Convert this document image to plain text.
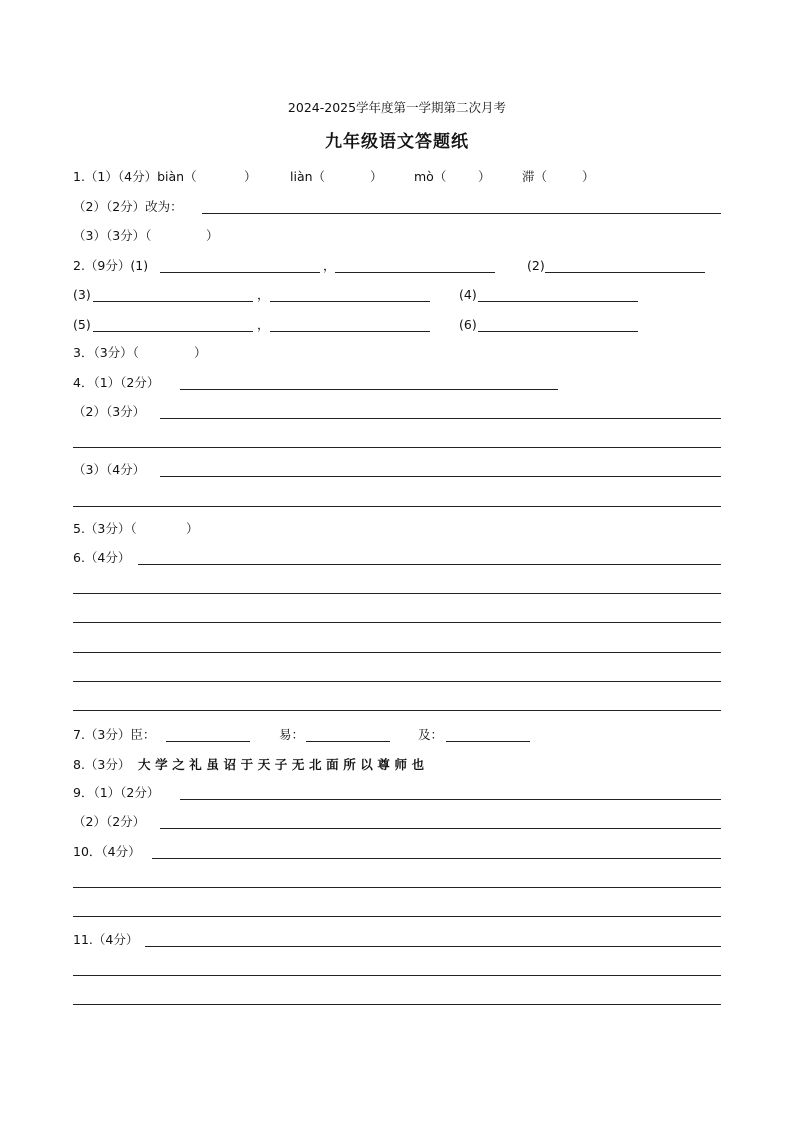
2024-2025学年度第一学期第二次月考
九年级语文答题纸
1.（1）（4分）biàn（	）	liàn（	）	mò（	）	滞（	）
（2）（2分）改为：
（3）（3分）（	）
2.（9分）(1)	，	(2)
(3)	，	(4)
(5)	，	(6)
3．（3分）（	）
4．（1）（2分）
（2）（3分）
（3）（4分）
5.（3分）（	）
6.（4分）
7.（3分）臣：	易：	及：
8.（3分） 大学之礼虽诏于天子无北面所以尊师也
9．（1）（2分）
（2）（2分）
10．（4分）
11.（4分）
